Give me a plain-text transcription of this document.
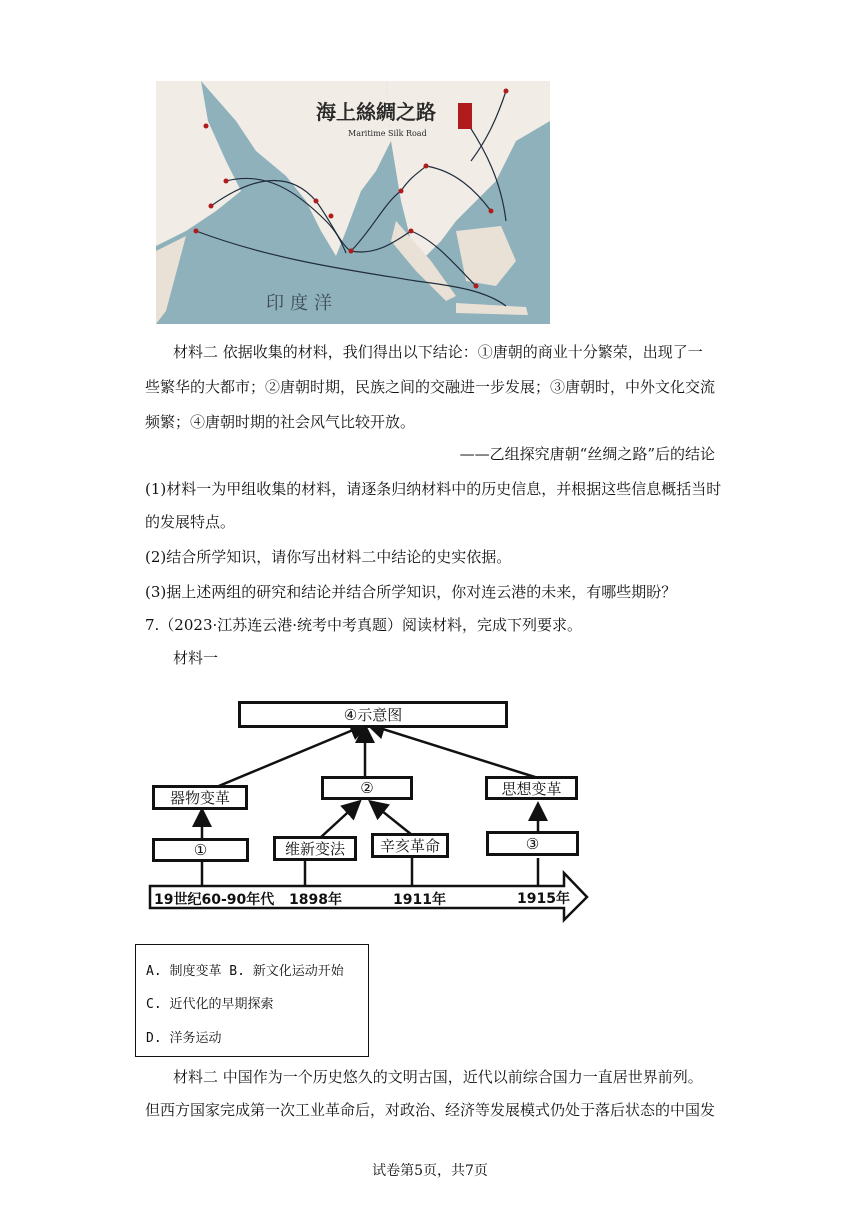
海上絲綢之路
Maritime Silk Road
印度洋
材料二 依据收集的材料，我们得出以下结论：①唐朝的商业十分繁荣，出现了一
些繁华的大都市；②唐朝时期，民族之间的交融进一步发展；③唐朝时，中外文化交流
频繁；④唐朝时期的社会风气比较开放。
——乙组探究唐朝“丝绸之路”后的结论
(1)材料一为甲组收集的材料，请逐条归纳材料中的历史信息，并根据这些信息概括当时
的发展特点。
(2)结合所学知识，请你写出材料二中结论的史实依据。
(3)据上述两组的研究和结论并结合所学知识，你对连云港的未来，有哪些期盼？
7.（2023·江苏连云港·统考中考真题）阅读材料，完成下列要求。
材料一
④示意图
器物变革
②	思想变革
①	维新变法	辛亥革命	③
19世纪60-90年代 1898年	1911年	1915年
A. 制度变革 B. 新文化运动开始
C. 近代化的早期探索
D. 洋务运动
材料二 中国作为一个历史悠久的文明古国，近代以前综合国力一直居世界前列。
但西方国家完成第一次工业革命后，对政治、经济等发展模式仍处于落后状态的中国发
试卷第5页，共7页
